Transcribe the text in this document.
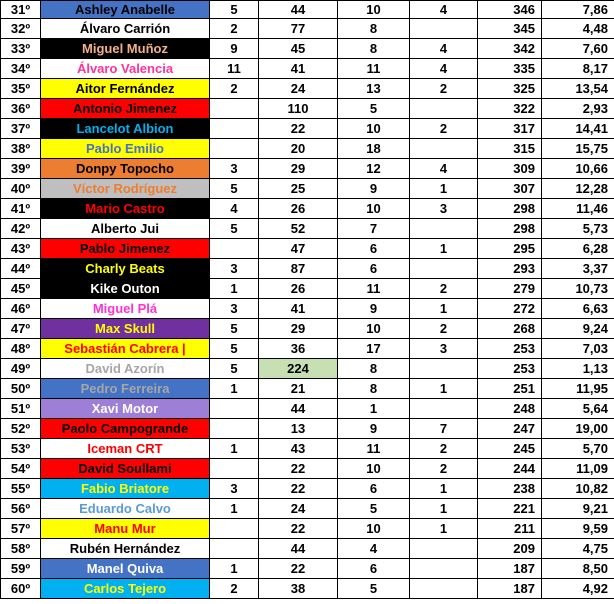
31º	Ashley Anabelle	5	44	10	4	346	7,86
32º	Álvaro Carrión	2	77	8		345	4,48
33º	Miguel Muñoz	9	45	8	4	342	7,60
34º	Álvaro Valencia	11	41	11	4	335	8,17
35º	Aitor Fernández	2	24	13	2	325	13,54
36º	Antonio Jimenez		110	5		322	2,93
37º	Lancelot Albion		22	10	2	317	14,41
38º	Pablo Emilio		20	18		315	15,75
39º	Donpy Topocho	3	29	12	4	309	10,66
40º	Víctor Rodríguez	5	25	9	1	307	12,28
41º	Mario Castro	4	26	10	3	298	11,46
42º	Alberto Jui	5	52	7		298	5,73
43º	Pablo Jimenez		47	6	1	295	6,28
44º	Charly Beats	3	87	6		293	3,37
45º	Kike Outon	1	26	11	2	279	10,73
46º	Miguel Plá	3	41	9	1	272	6,63
47º	Max Skull	5	29	10	2	268	9,24
48º	Sebastián Cabrera |	5	36	17	3	253	7,03
49º	David Azorín	5	224	8		253	1,13
50º	Pedro Ferreira	1	21	8	1	251	11,95
51º	Xavi Motor		44	1		248	5,64
52º	Paolo Campogrande		13	9	7	247	19,00
53º	Iceman CRT	1	43	11	2	245	5,70
54º	David Soullami		22	10	2	244	11,09
55º	Fabio Briatore	3	22	6	1	238	10,82
56º	Eduardo Calvo	1	24	5	1	221	9,21
57º	Manu Mur		22	10	1	211	9,59
58º	Rubén Hernández		44	4		209	4,75
59º	Manel Quiva	1	22	6		187	8,50
60º	Carlos Tejero	2	38	5		187	4,92
